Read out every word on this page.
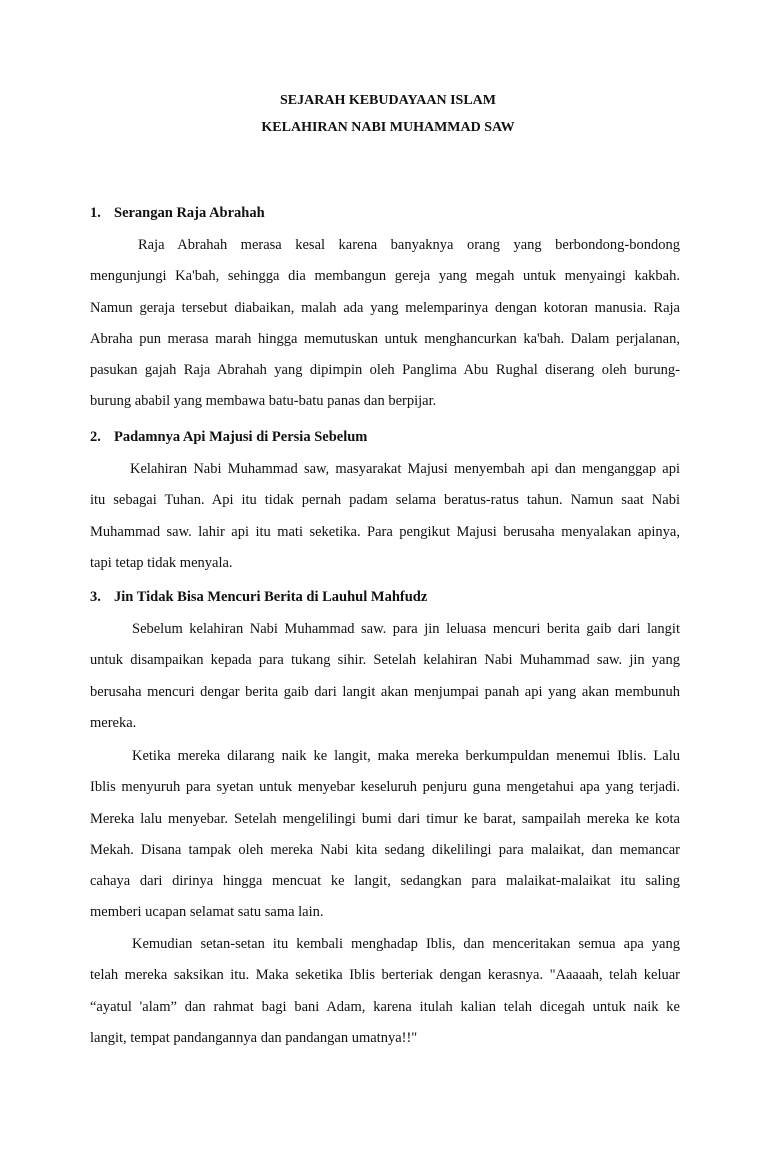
SEJARAH KEBUDAYAAN ISLAM
KELAHIRAN NABI MUHAMMAD SAW
1. Serangan Raja Abrahah
Raja Abrahah merasa kesal karena banyaknya orang yang berbondong-bondong
mengunjungi Ka'bah, sehingga dia membangun gereja yang megah untuk menyaingi kakbah.
Namun geraja tersebut diabaikan, malah ada yang melemparinya dengan kotoran manusia. Raja
Abraha pun merasa marah hingga memutuskan untuk menghancurkan ka'bah. Dalam perjalanan,
pasukan gajah Raja Abrahah yang dipimpin oleh Panglima Abu Rughal diserang oleh burung-
burung ababil yang membawa batu-batu panas dan berpijar.
2. Padamnya Api Majusi di Persia Sebelum
Kelahiran Nabi Muhammad saw, masyarakat Majusi menyembah api dan menganggap api
itu sebagai Tuhan. Api itu tidak pernah padam selama beratus-ratus tahun. Namun saat Nabi
Muhammad saw. lahir api itu mati seketika. Para pengikut Majusi berusaha menyalakan apinya,
tapi tetap tidak menyala.
3. Jin Tidak Bisa Mencuri Berita di Lauhul Mahfudz
Sebelum kelahiran Nabi Muhammad saw. para jin leluasa mencuri berita gaib dari langit
untuk disampaikan kepada para tukang sihir. Setelah kelahiran Nabi Muhammad saw. jin yang
berusaha mencuri dengar berita gaib dari langit akan menjumpai panah api yang akan membunuh
mereka.
Ketika mereka dilarang naik ke langit, maka mereka berkumpuldan menemui Iblis. Lalu
Iblis menyuruh para syetan untuk menyebar keseluruh penjuru guna mengetahui apa yang terjadi.
Mereka lalu menyebar. Setelah mengelilingi bumi dari timur ke barat, sampailah mereka ke kota
Mekah. Disana tampak oleh mereka Nabi kita sedang dikelilingi para malaikat, dan memancar
cahaya dari dirinya hingga mencuat ke langit, sedangkan para malaikat-malaikat itu saling
memberi ucapan selamat satu sama lain.
Kemudian setan-setan itu kembali menghadap Iblis, dan menceritakan semua apa yang
telah mereka saksikan itu. Maka seketika Iblis berteriak dengan kerasnya. "Aaaaah, telah keluar
“ayatul 'alam” dan rahmat bagi bani Adam, karena itulah kalian telah dicegah untuk naik ke
langit, tempat pandangannya dan pandangan umatnya!!"
